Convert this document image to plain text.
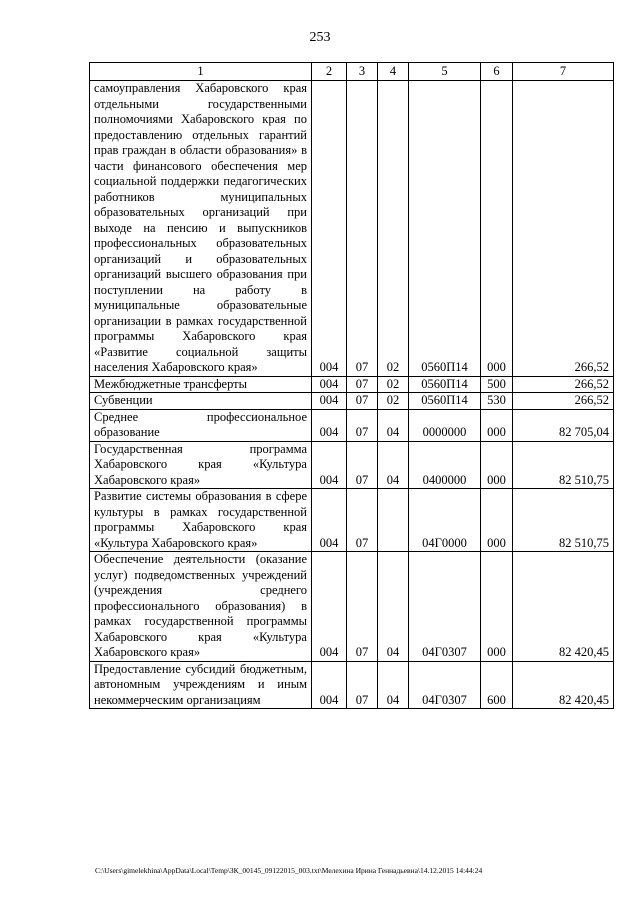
253
1	2	3	4	5	6	7
самоуправления Хабаровского края отдельными государственными полномочиями Хабаровского края по предоставлению отдельных гарантий прав граждан в области образования» в части финансового обеспечения мер социальной поддержки педагогических работников муниципальных образовательных организаций при выходе на пенсию и выпускников профессиональных образовательных организаций и образовательных организаций высшего образования при поступлении на работу в муниципальные образовательные организации в рамках государственной программы Хабаровского края «Развитие социальной защиты населения Хабаровского края»	004	07	02	0560П14	000	266,52
Межбюджетные трансферты	004	07	02	0560П14	500	266,52
Субвенции	004	07	02	0560П14	530	266,52
Среднее профессиональное образование	004	07	04	0000000	000	82 705,04
Государственная программа Хабаровского края «Культура Хабаровского края»	004	07	04	0400000	000	82 510,75
Развитие системы образования в сфере культуры в рамках государственной программы Хабаровского края «Культура Хабаровского края»	004	07		04Г0000	000	82 510,75
Обеспечение деятельности (оказание услуг) подведомственных учреждений (учреждения среднего профессионального образования) в рамках государственной программы Хабаровского края «Культура Хабаровского края»	004	07	04	04Г0307	000	82 420,45
Предоставление субсидий бюджетным, автономным учреждениям и иным некоммерческим организациям	004	07	04	04Г0307	600	82 420,45
C:\Users\gimelekhina\AppData\Local\Temp\ЗК_00145_09122015_003.txt\Мелехина Ирина Геннадьевна\14.12.2015 14:44:24
